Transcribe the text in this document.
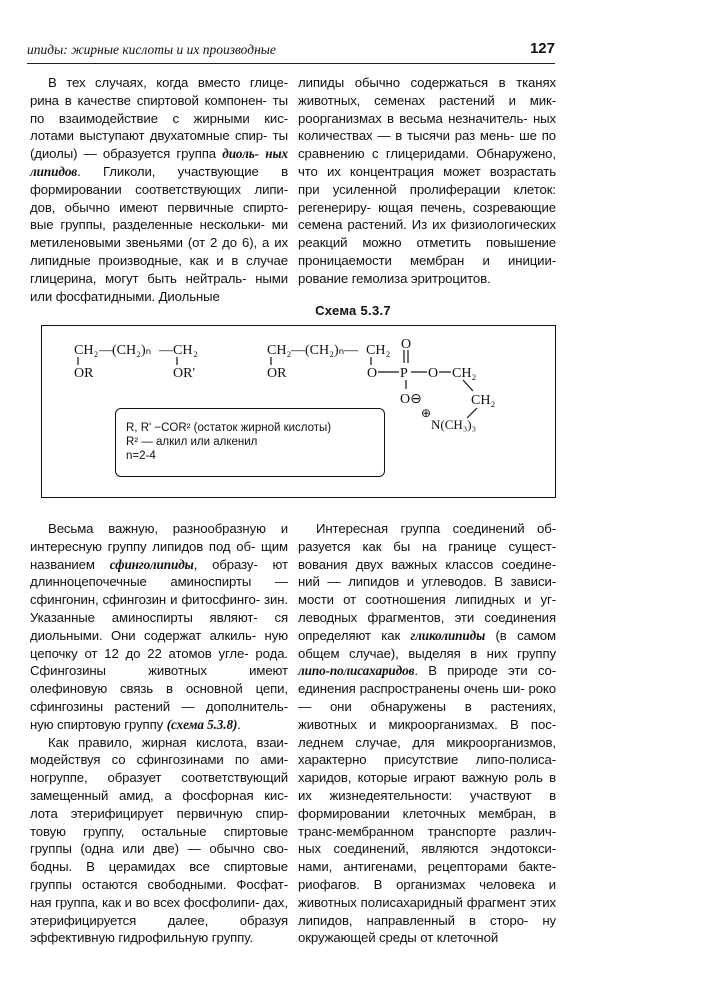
ипиды: жирные кислоты и их производные	127

В тех случаях, когда вместо глице- рина в качестве спиртовой компонен- ты по взаимодействие с жирными кис- лотами выступают двухатомные спир- ты (диолы) — образуется группа диоль- ных липидов. Гликоли, участвующие в формировании соответствующих липи- дов, обычно имеют первичные спирто- вые группы, разделенные нескольки- ми метиленовыми звеньями (от 2 до 6), а их липидные производные, как и в случае глицерина, могут быть нейтраль- ными или фосфатидными. Диольные

липиды обычно содержаться в тканях животных, семенах растений и мик- роорганизмах в весьма незначитель- ных количествах — в тысячи раз мень- ше по сравнению с глицеридами. Обнаружено, что их концентрация может возрастать при усиленной пролиферации клеток: регенериру- ющая печень, созревающие семена растений. Из их физиологических реакций можно отметить повышение проницаемости мембран и иниции- рование гемолиза эритроцитов.

Схема 5.3.7
CH₂ — (CH₂)ₙ — CH ₂
OR	OR'
CH₂ —(CH₂)ₙ— CH₂
OR	O P
O
O CH₂
O⊖	CH₂
⊕
N(CH₃)₃
R, R' −COR² (остаток жирной кислоты)
R² — алкил или алкенил
n=2-4

Весьма важную, разнообразную и интересную группу липидов под об- щим названием сфинголипиды, образу- ют длинноцепочечные аминоспирты — сфингонин, сфингозин и фитосфинго- зин. Указанные аминоспирты являют- ся диольными. Они содержат алкиль- ную цепочку от 12 до 22 атомов угле- рода. Сфингозины животных имеют олефиновую связь в основной цепи, сфингозины растений — дополнитель- ную спиртовую группу (схема 5.3.8).

Как правило, жирная кислота, взаи- модействуя со сфингозинами по ами- ногруппе, образует соответствующий замещенный амид, а фосфорная кис- лота этерифицирует первичную спир- товую группу, остальные спиртовые группы (одна или две) — обычно сво- бодны. В церамидах все спиртовые группы остаются свободными. Фосфат- ная группа, как и во всех фосфолипи- дах, этерифицируется далее, образуя эффективную гидрофильную группу.

Интересная группа соединений об- разуется как бы на границе сущест- вования двух важных классов соедине- ний — липидов и углеводов. В зависи- мости от соотношения липидных и уг- леводных фрагментов, эти соединения определяют как гликолипиды (в самом общем случае), выделяя в них группу липо-полисахаридов. В природе эти со- единения распространены очень ши- роко — они обнаружены в растениях, животных и микроорганизмах. В пос- леднем случае, для микроорганизмов, характерно присутствие липо-полиса- харидов, которые играют важную роль в их жизнедеятельности: участвуют в формировании клеточных мембран, в транс-мембранном транспорте различ- ных соединений, являются эндотокси- нами, антигенами, рецепторами бакте- риофагов. В организмах человека и животных полисахаридный фрагмент этих липидов, направленный в сторо- ну окружающей среды от клеточной
